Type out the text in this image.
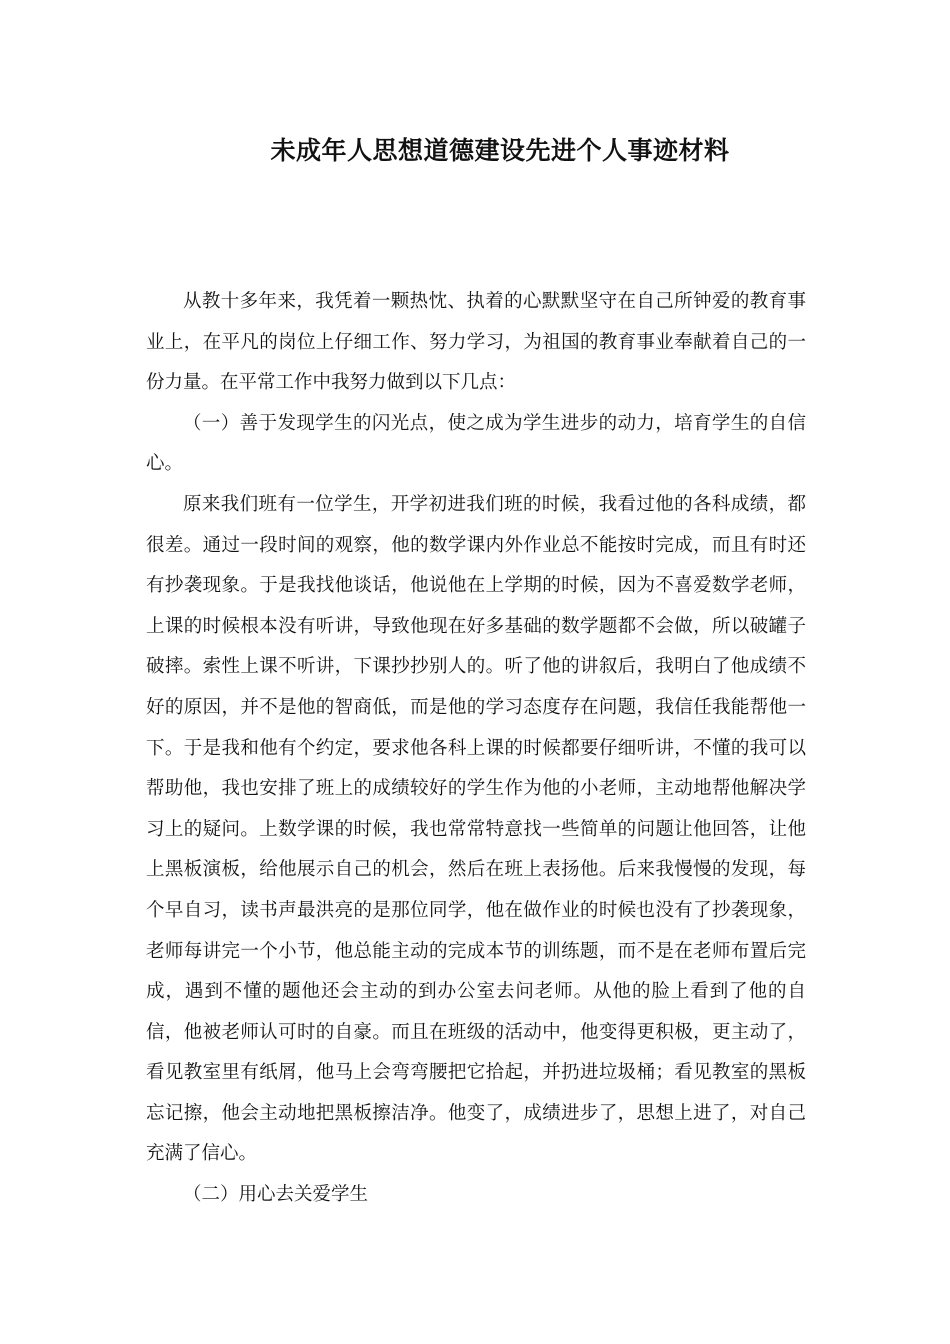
未成年人思想道德建设先进个人事迹材料

从教十多年来，我凭着一颗热忱、执着的心默默坚守在自己所钟爱的教育事业上，在平凡的岗位上仔细工作、努力学习，为祖国的教育事业奉献着自己的一份力量。在平常工作中我努力做到以下几点：

（一）善于发现学生的闪光点，使之成为学生进步的动力，培育学生的自信心。

原来我们班有一位学生，开学初进我们班的时候，我看过他的各科成绩，都很差。通过一段时间的观察，他的数学课内外作业总不能按时完成，而且有时还有抄袭现象。于是我找他谈话，他说他在上学期的时候，因为不喜爱数学老师，上课的时候根本没有听讲，导致他现在好多基础的数学题都不会做，所以破罐子破摔。索性上课不听讲，下课抄抄别人的。听了他的讲叙后，我明白了他成绩不好的原因，并不是他的智商低，而是他的学习态度存在问题，我信任我能帮他一下。于是我和他有个约定，要求他各科上课的时候都要仔细听讲，不懂的我可以帮助他，我也安排了班上的成绩较好的学生作为他的小老师，主动地帮他解决学习上的疑问。上数学课的时候，我也常常特意找一些简单的问题让他回答，让他上黑板演板，给他展示自己的机会，然后在班上表扬他。后来我慢慢的发现，每个早自习，读书声最洪亮的是那位同学，他在做作业的时候也没有了抄袭现象，老师每讲完一个小节，他总能主动的完成本节的训练题，而不是在老师布置后完成，遇到不懂的题他还会主动的到办公室去问老师。从他的脸上看到了他的自信，他被老师认可时的自豪。而且在班级的活动中，他变得更积极，更主动了，看见教室里有纸屑，他马上会弯弯腰把它拾起，并扔进垃圾桶；看见教室的黑板忘记擦，他会主动地把黑板擦洁净。他变了，成绩进步了，思想上进了，对自己充满了信心。

（二）用心去关爱学生
